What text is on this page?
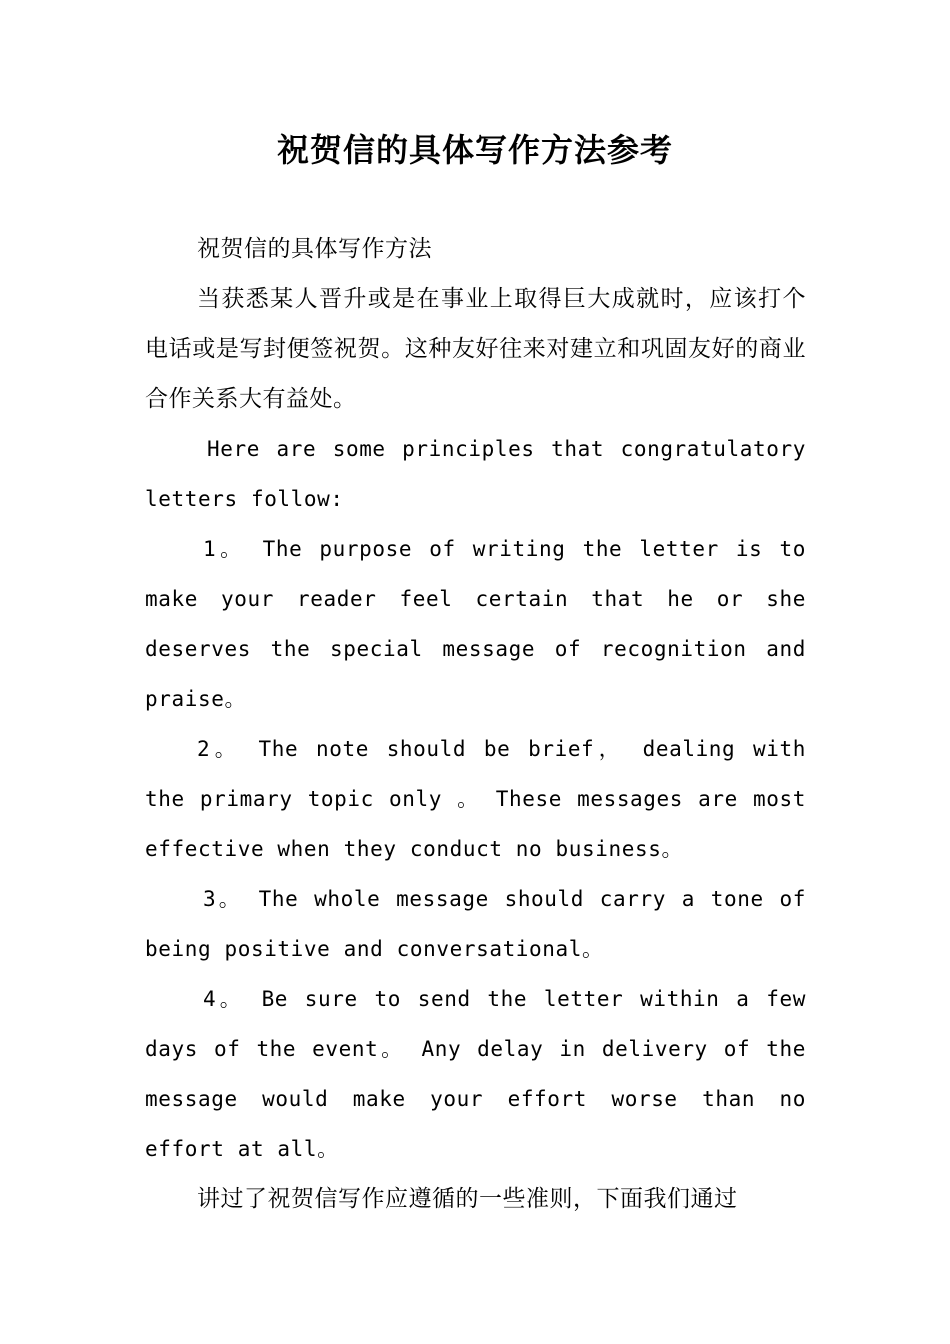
祝贺信的具体写作方法参考

祝贺信的具体写作方法

当获悉某人晋升或是在事业上取得巨大成就时，应该打个电话或是写封便签祝贺。这种友好往来对建立和巩固友好的商业合作关系大有益处。

Here are some principles that congratulatory letters follow:

1。 The purpose of writing the letter is to make your reader feel certain that he or she deserves the special message of recognition and praise。

2。 The note should be brief， dealing with the primary topic only 。 These messages are most effective when they conduct no business。

3。 The whole message should carry a tone of being positive and conversational。

4。 Be sure to send the letter within a few days of the event。 Any delay in delivery of the message would make your effort worse than no effort at all。

讲过了祝贺信写作应遵循的一些准则，下面我们通过
